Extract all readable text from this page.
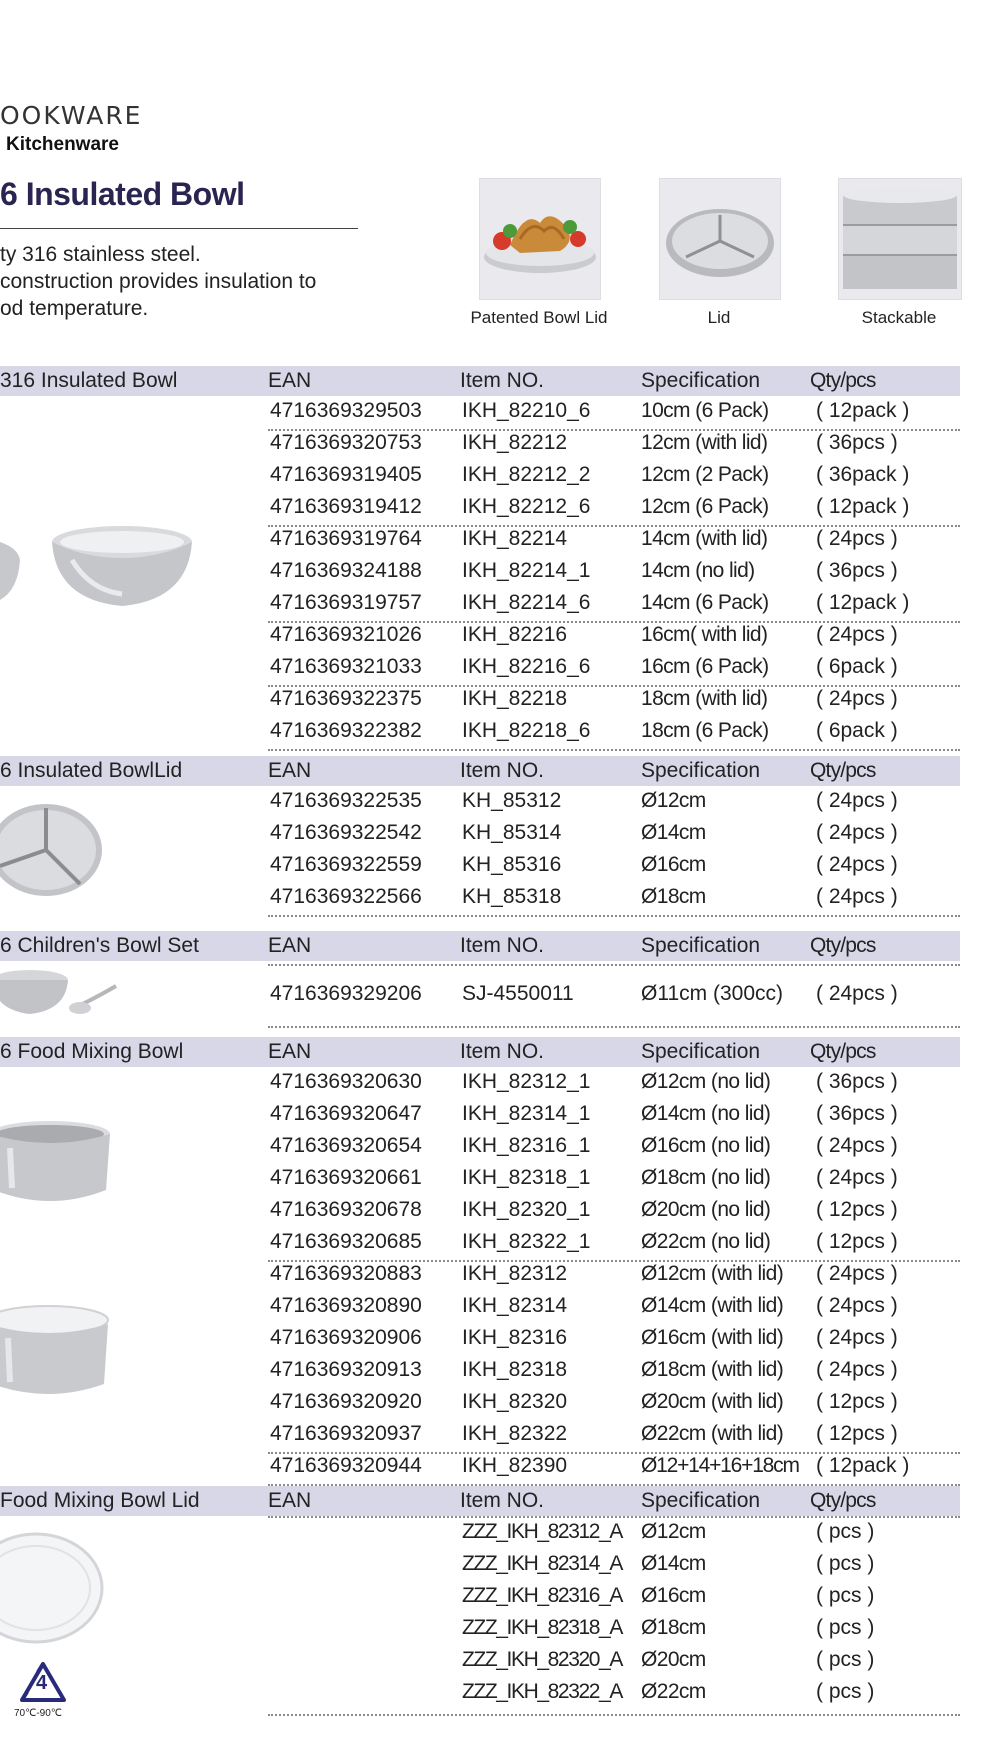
OOKWARE
Kitchenware
6 Insulated Bowl
ty 316 stainless steel.
construction provides insulation to
od temperature.	Patented Bowl Lid	Lid	Stackable
316 Insulated Bowl	EAN	Item NO.	Specification Qty/pcs
4716369329503 IKH_82210_6 10cm (6 Pack) ( 12pack )
4716369320753 IKH_82212	12cm (with lid) ( 36pcs )
4716369319405 IKH_82212_2 12cm (2 Pack) ( 36pack )
4716369319412 IKH_82212_6 12cm (6 Pack) ( 12pack )
4716369319764 IKH_82214	14cm (with lid) ( 24pcs )
4716369324188 IKH_82214_1 14cm (no lid)	( 36pcs )
4716369319757 IKH_82214_6 14cm (6 Pack) ( 12pack )
4716369321026 IKH_82216	16cm( with lid) ( 24pcs )
4716369321033 IKH_82216_6 16cm (6 Pack) ( 6pack )
4716369322375 IKH_82218	18cm (with lid) ( 24pcs )
4716369322382 IKH_82218_6 18cm (6 Pack) ( 6pack )
6 Insulated BowlLid	EAN	Item NO.	Specification Qty/pcs
4716369322535 KH_85312	Ø12cm	( 24pcs )
4716369322542 KH_85314	Ø14cm	( 24pcs )
4716369322559 KH_85316	Ø16cm	( 24pcs )
4716369322566 KH_85318	Ø18cm	( 24pcs )
6 Children's Bowl Set	EAN	Item NO.	Specification Qty/pcs
4716369329206 SJ-4550011	Ø11cm (300cc) ( 24pcs )
6 Food Mixing Bowl	EAN	Item NO.	Specification Qty/pcs
4716369320630 IKH_82312_1 Ø12cm (no lid) ( 36pcs )
4716369320647 IKH_82314_1 Ø14cm (no lid) ( 36pcs )
4716369320654 IKH_82316_1 Ø16cm (no lid) ( 24pcs )
4716369320661 IKH_82318_1 Ø18cm (no lid) ( 24pcs )
4716369320678 IKH_82320_1 Ø20cm (no lid) ( 12pcs )
4716369320685 IKH_82322_1 Ø22cm (no lid) ( 12pcs )
4716369320883 IKH_82312	Ø12cm (with lid) ( 24pcs )
4716369320890 IKH_82314	Ø14cm (with lid) ( 24pcs )
4716369320906 IKH_82316	Ø16cm (with lid) ( 24pcs )
4716369320913 IKH_82318	Ø18cm (with lid) ( 24pcs )
4716369320920 IKH_82320	Ø20cm (with lid) ( 12pcs )
4716369320937 IKH_82322	Ø22cm (with lid) ( 12pcs )
4716369320944 IKH_82390	Ø12+14+16+18cm ( 12pack )
Food Mixing Bowl Lid	EAN	Item NO.	Specification Qty/pcs
ZZZ_IKH_82312_A Ø12cm	( pcs )
ZZZ_IKH_82314_A Ø14cm	( pcs )
ZZZ_IKH_82316_A Ø16cm	( pcs )
ZZZ_IKH_82318_A Ø18cm	( pcs )
ZZZ_IKH_82320_A Ø20cm	( pcs )
ZZZ_IKH_82322_A Ø22cm	( pcs )
4
70℃-90℃
